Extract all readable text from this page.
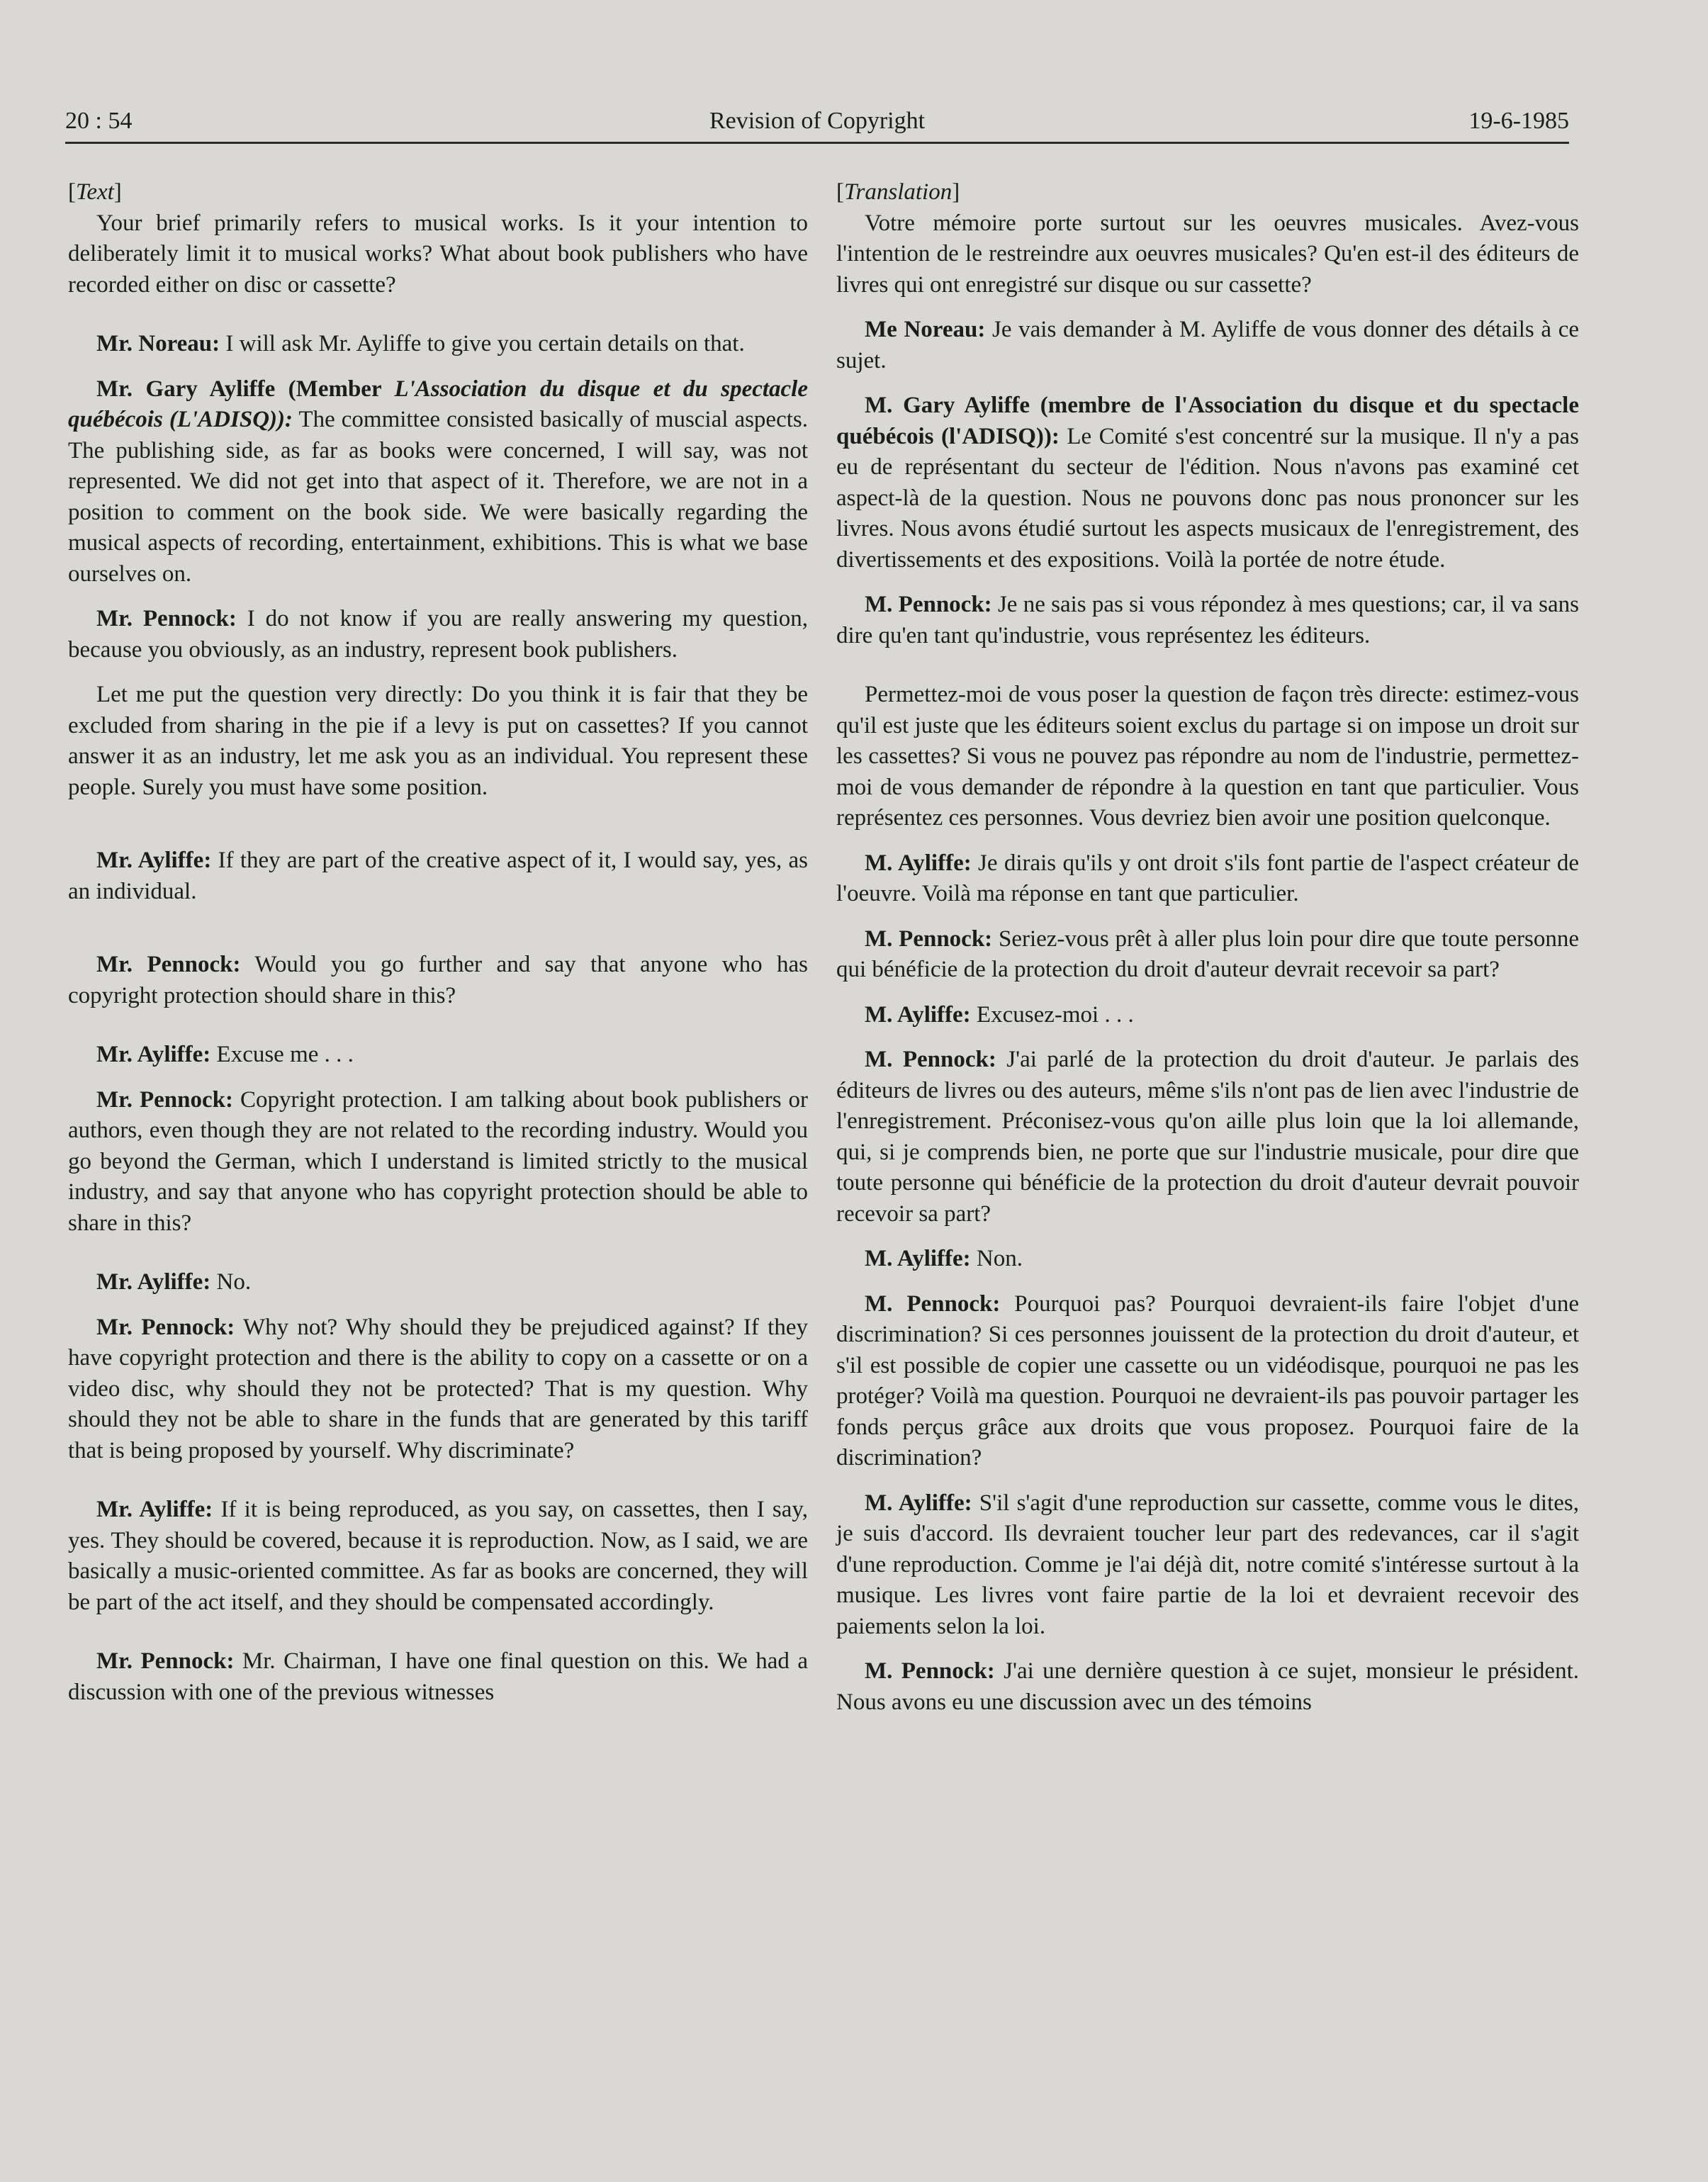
20 : 54	Revision of Copyright	19-6-1985

[Text]

Your brief primarily refers to musical works. Is it your intention to deliberately limit it to musical works? What about book publishers who have recorded either on disc or cassette?

Mr. Noreau: I will ask Mr. Ayliffe to give you certain details on that.

Mr. Gary Ayliffe (Member L'Association du disque et du spectacle québécois (L'ADISQ)): The committee consisted basically of muscial aspects. The publishing side, as far as books were concerned, I will say, was not represented. We did not get into that aspect of it. Therefore, we are not in a position to comment on the book side. We were basically regarding the musical aspects of recording, entertainment, exhibitions. This is what we base ourselves on.

Mr. Pennock: I do not know if you are really answering my question, because you obviously, as an industry, represent book publishers.

Let me put the question very directly: Do you think it is fair that they be excluded from sharing in the pie if a levy is put on cassettes? If you cannot answer it as an industry, let me ask you as an individual. You represent these people. Surely you must have some position.

Mr. Ayliffe: If they are part of the creative aspect of it, I would say, yes, as an individual.

Mr. Pennock: Would you go further and say that anyone who has copyright protection should share in this?

Mr. Ayliffe: Excuse me . . .

Mr. Pennock: Copyright protection. I am talking about book publishers or authors, even though they are not related to the recording industry. Would you go beyond the German, which I understand is limited strictly to the musical industry, and say that anyone who has copyright protection should be able to share in this?

Mr. Ayliffe: No.

Mr. Pennock: Why not? Why should they be prejudiced against? If they have copyright protection and there is the ability to copy on a cassette or on a video disc, why should they not be protected? That is my question. Why should they not be able to share in the funds that are generated by this tariff that is being proposed by yourself. Why discriminate?

Mr. Ayliffe: If it is being reproduced, as you say, on cassettes, then I say, yes. They should be covered, because it is reproduction. Now, as I said, we are basically a music-oriented committee. As far as books are concerned, they will be part of the act itself, and they should be compensated accordingly.

Mr. Pennock: Mr. Chairman, I have one final question on this. We had a discussion with one of the previous witnesses

[Translation]

Votre mémoire porte surtout sur les oeuvres musicales. Avez-vous l'intention de le restreindre aux oeuvres musicales? Qu'en est-il des éditeurs de livres qui ont enregistré sur disque ou sur cassette?

Me Noreau: Je vais demander à M. Ayliffe de vous donner des détails à ce sujet.

M. Gary Ayliffe (membre de l'Association du disque et du spectacle québécois (l'ADISQ)): Le Comité s'est concentré sur la musique. Il n'y a pas eu de représentant du secteur de l'édition. Nous n'avons pas examiné cet aspect-là de la question. Nous ne pouvons donc pas nous prononcer sur les livres. Nous avons étudié surtout les aspects musicaux de l'enregistrement, des divertissements et des expositions. Voilà la portée de notre étude.

M. Pennock: Je ne sais pas si vous répondez à mes questions; car, il va sans dire qu'en tant qu'industrie, vous représentez les éditeurs.

Permettez-moi de vous poser la question de façon très directe: estimez-vous qu'il est juste que les éditeurs soient exclus du partage si on impose un droit sur les cassettes? Si vous ne pouvez pas répondre au nom de l'industrie, permettez-moi de vous demander de répondre à la question en tant que particulier. Vous représentez ces personnes. Vous devriez bien avoir une position quelconque.

M. Ayliffe: Je dirais qu'ils y ont droit s'ils font partie de l'aspect créateur de l'oeuvre. Voilà ma réponse en tant que particulier.

M. Pennock: Seriez-vous prêt à aller plus loin pour dire que toute personne qui bénéficie de la protection du droit d'auteur devrait recevoir sa part?

M. Ayliffe: Excusez-moi . . .

M. Pennock: J'ai parlé de la protection du droit d'auteur. Je parlais des éditeurs de livres ou des auteurs, même s'ils n'ont pas de lien avec l'industrie de l'enregistrement. Préconisez-vous qu'on aille plus loin que la loi allemande, qui, si je comprends bien, ne porte que sur l'industrie musicale, pour dire que toute personne qui bénéficie de la protection du droit d'auteur devrait pouvoir recevoir sa part?

M. Ayliffe: Non.

M. Pennock: Pourquoi pas? Pourquoi devraient-ils faire l'objet d'une discrimination? Si ces personnes jouissent de la protection du droit d'auteur, et s'il est possible de copier une cassette ou un vidéodisque, pourquoi ne pas les protéger? Voilà ma question. Pourquoi ne devraient-ils pas pouvoir partager les fonds perçus grâce aux droits que vous proposez. Pourquoi faire de la discrimination?

M. Ayliffe: S'il s'agit d'une reproduction sur cassette, comme vous le dites, je suis d'accord. Ils devraient toucher leur part des redevances, car il s'agit d'une reproduction. Comme je l'ai déjà dit, notre comité s'intéresse surtout à la musique. Les livres vont faire partie de la loi et devraient recevoir des paiements selon la loi.

M. Pennock: J'ai une dernière question à ce sujet, monsieur le président. Nous avons eu une discussion avec un des témoins
